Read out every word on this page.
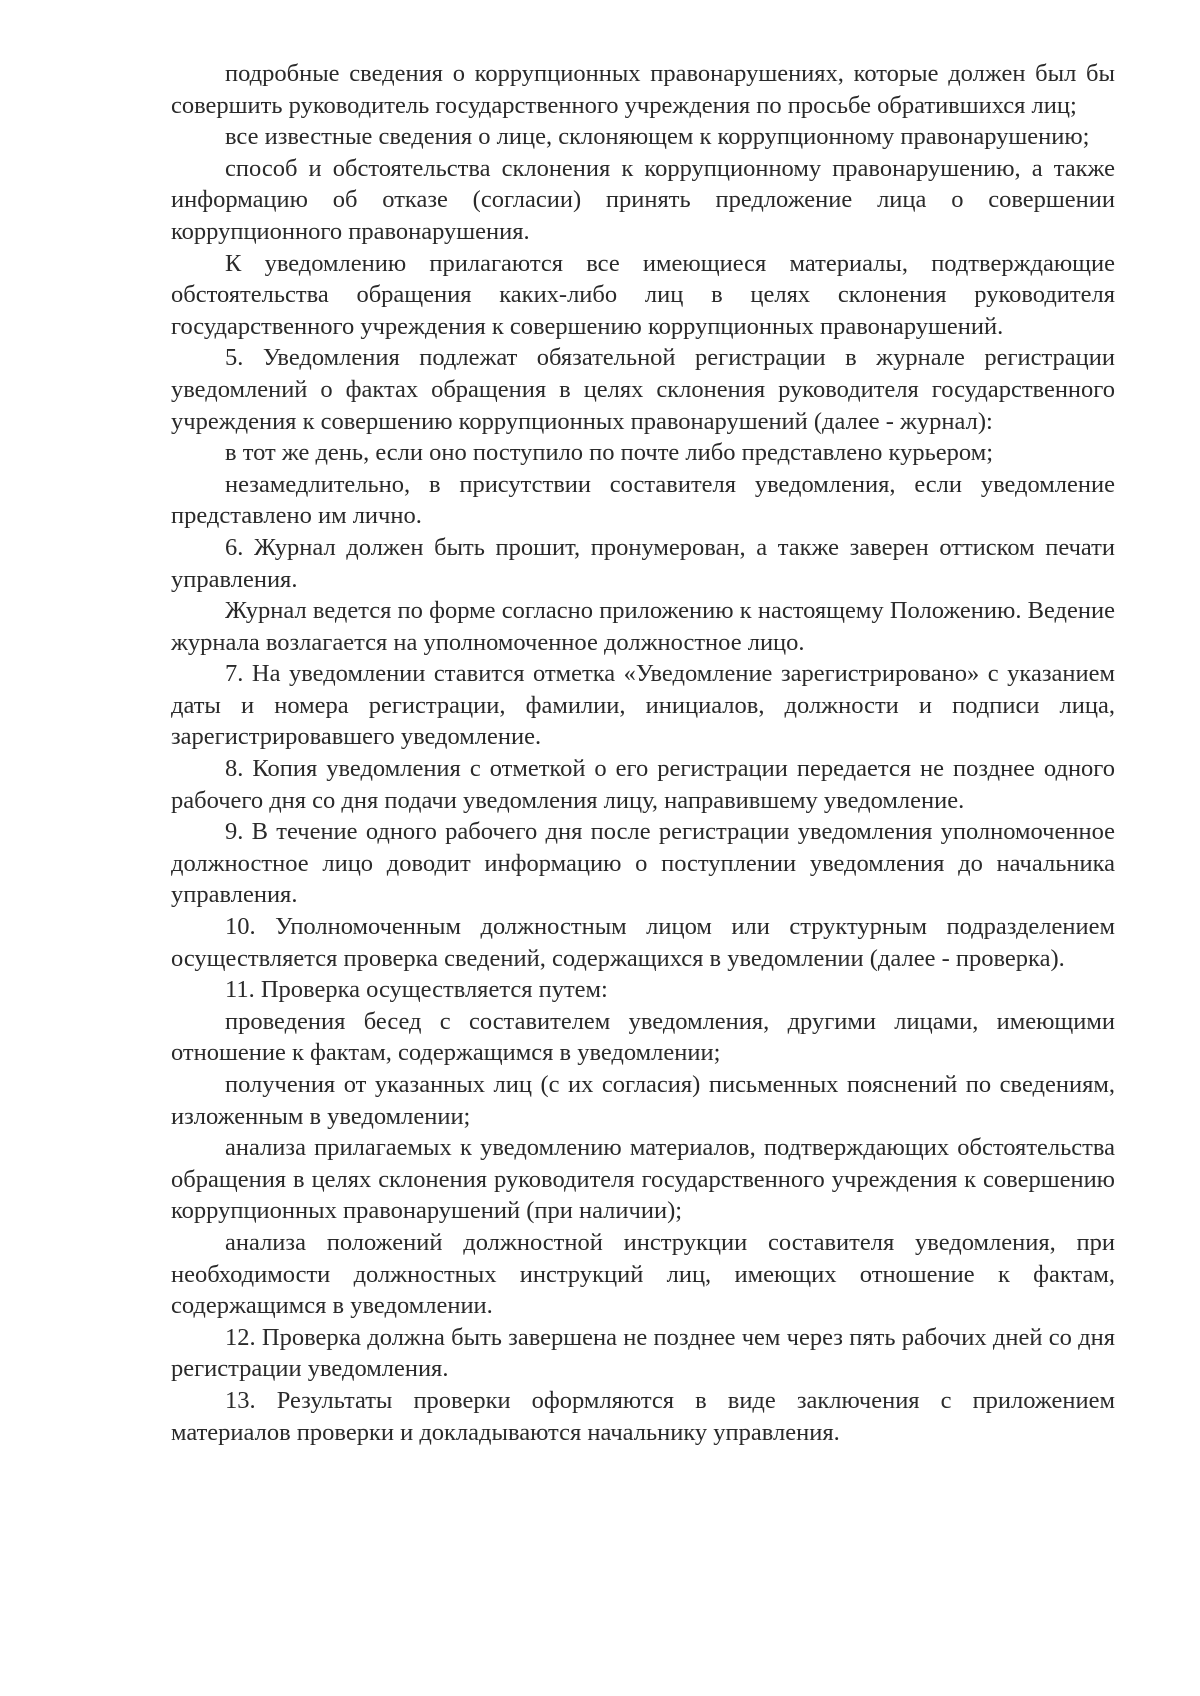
подробные сведения о коррупционных правонарушениях, которые должен был бы совершить руководитель государственного учреждения по просьбе обратившихся лиц;

все известные сведения о лице, склоняющем к коррупционному правонарушению;

способ и обстоятельства склонения к коррупционному правонарушению, а также информацию об отказе (согласии) принять предложение лица о совершении коррупционного правонарушения.

К уведомлению прилагаются все имеющиеся материалы, подтверждающие обстоятельства обращения каких-либо лиц в целях склонения руководителя государственного учреждения к совершению коррупционных правонарушений.

5. Уведомления подлежат обязательной регистрации в журнале регистрации уведомлений о фактах обращения в целях склонения руководителя государственного учреждения к совершению коррупционных правонарушений (далее - журнал):

в тот же день, если оно поступило по почте либо представлено курьером;

незамедлительно, в присутствии составителя уведомления, если уведомление представлено им лично.

6. Журнал должен быть прошит, пронумерован, а также заверен оттиском печати управления.

Журнал ведется по форме согласно приложению к настоящему Положению. Ведение журнала возлагается на уполномоченное должностное лицо.

7. На уведомлении ставится отметка «Уведомление зарегистрировано» с указанием даты и номера регистрации, фамилии, инициалов, должности и подписи лица, зарегистрировавшего уведомление.

8. Копия уведомления с отметкой о его регистрации передается не позднее одного рабочего дня со дня подачи уведомления лицу, направившему уведомление.

9. В течение одного рабочего дня после регистрации уведомления уполномоченное должностное лицо доводит информацию о поступлении уведомления до начальника управления.

10. Уполномоченным должностным лицом или структурным подразделением осуществляется проверка сведений, содержащихся в уведомлении (далее - проверка).

11. Проверка осуществляется путем:

проведения бесед с составителем уведомления, другими лицами, имеющими отношение к фактам, содержащимся в уведомлении;

получения от указанных лиц (с их согласия) письменных пояснений по сведениям, изложенным в уведомлении;

анализа прилагаемых к уведомлению материалов, подтверждающих обстоятельства обращения в целях склонения руководителя государственного учреждения к совершению коррупционных правонарушений (при наличии);

анализа положений должностной инструкции составителя уведомления, при необходимости должностных инструкций лиц, имеющих отношение к фактам, содержащимся в уведомлении.

12. Проверка должна быть завершена не позднее чем через пять рабочих дней со дня регистрации уведомления.

13. Результаты проверки оформляются в виде заключения с приложением материалов проверки и докладываются начальнику управления.
